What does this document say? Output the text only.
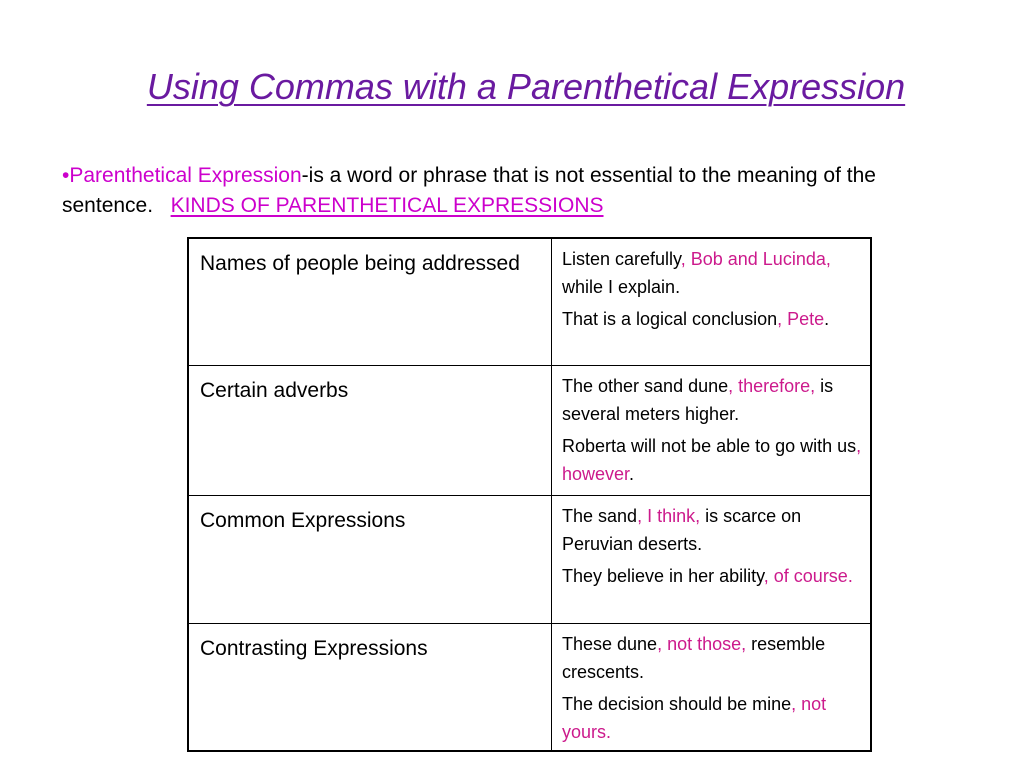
Using Commas with a Parenthetical Expression
•Parenthetical Expression-is a word or phrase that is not essential to the meaning of the sentence. KINDS OF PARENTHETICAL EXPRESSIONS
Names of people being addressed	Listen carefully, Bob and Lucinda, while I explain.
That is a logical conclusion, Pete.

Certain adverbs	The other sand dune, therefore, is several meters higher.
Roberta will not be able to go with us, however.

Common Expressions	The sand, I think, is scarce on Peruvian deserts.
They believe in her ability, of course.

Contrasting Expressions	These dune, not those, resemble crescents.
The decision should be mine, not yours.
